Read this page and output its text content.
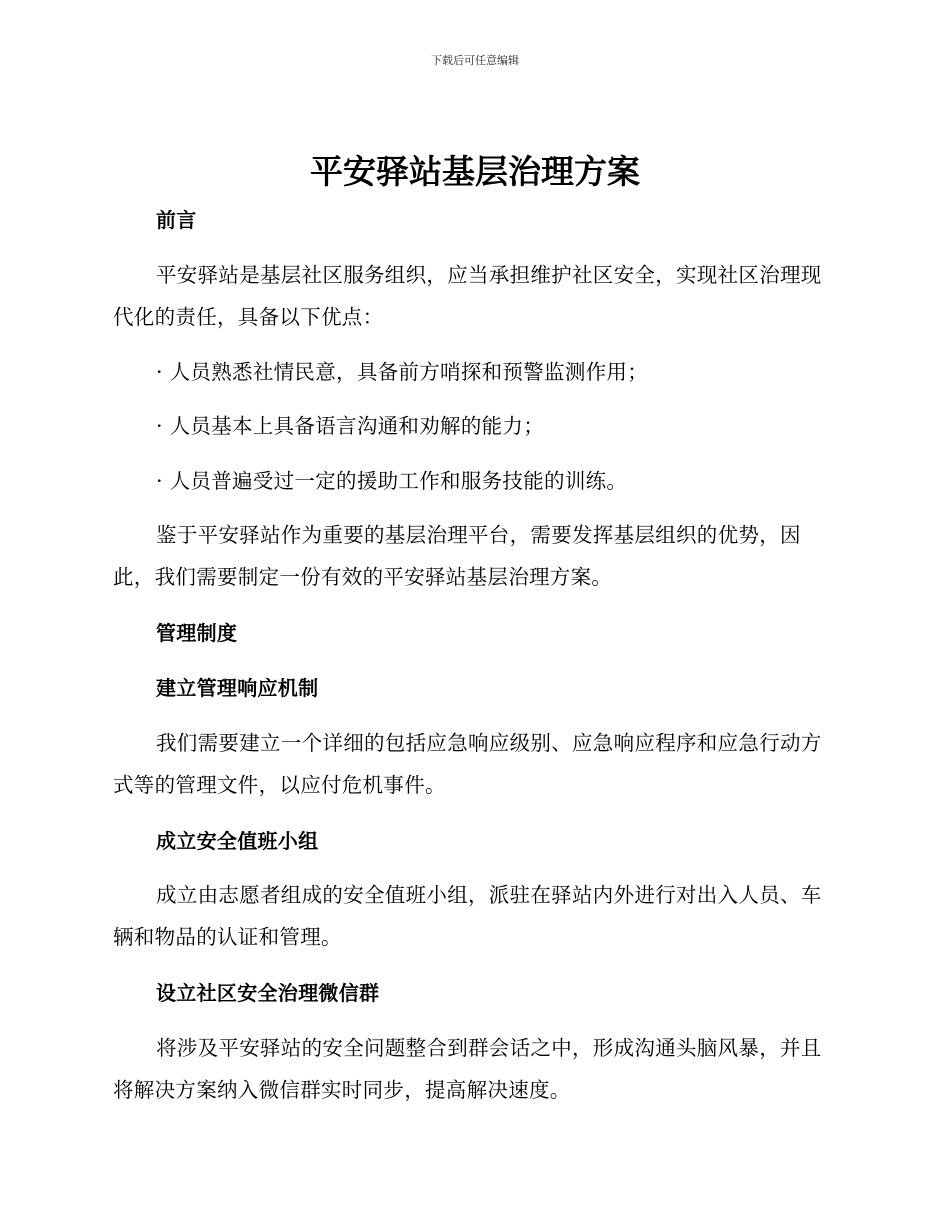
下载后可任意编辑
平安驿站基层治理方案

前言

平安驿站是基层社区服务组织，应当承担维护社区安全，实现社区治理现代化的责任，具备以下优点：

· 人员熟悉社情民意，具备前方哨探和预警监测作用；

· 人员基本上具备语言沟通和劝解的能力；

· 人员普遍受过一定的援助工作和服务技能的训练。

鉴于平安驿站作为重要的基层治理平台，需要发挥基层组织的优势，因此，我们需要制定一份有效的平安驿站基层治理方案。

管理制度

建立管理响应机制

我们需要建立一个详细的包括应急响应级别、应急响应程序和应急行动方式等的管理文件，以应付危机事件。

成立安全值班小组

成立由志愿者组成的安全值班小组，派驻在驿站内外进行对出入人员、车辆和物品的认证和管理。

设立社区安全治理微信群

将涉及平安驿站的安全问题整合到群会话之中，形成沟通头脑风暴，并且将解决方案纳入微信群实时同步，提高解决速度。
